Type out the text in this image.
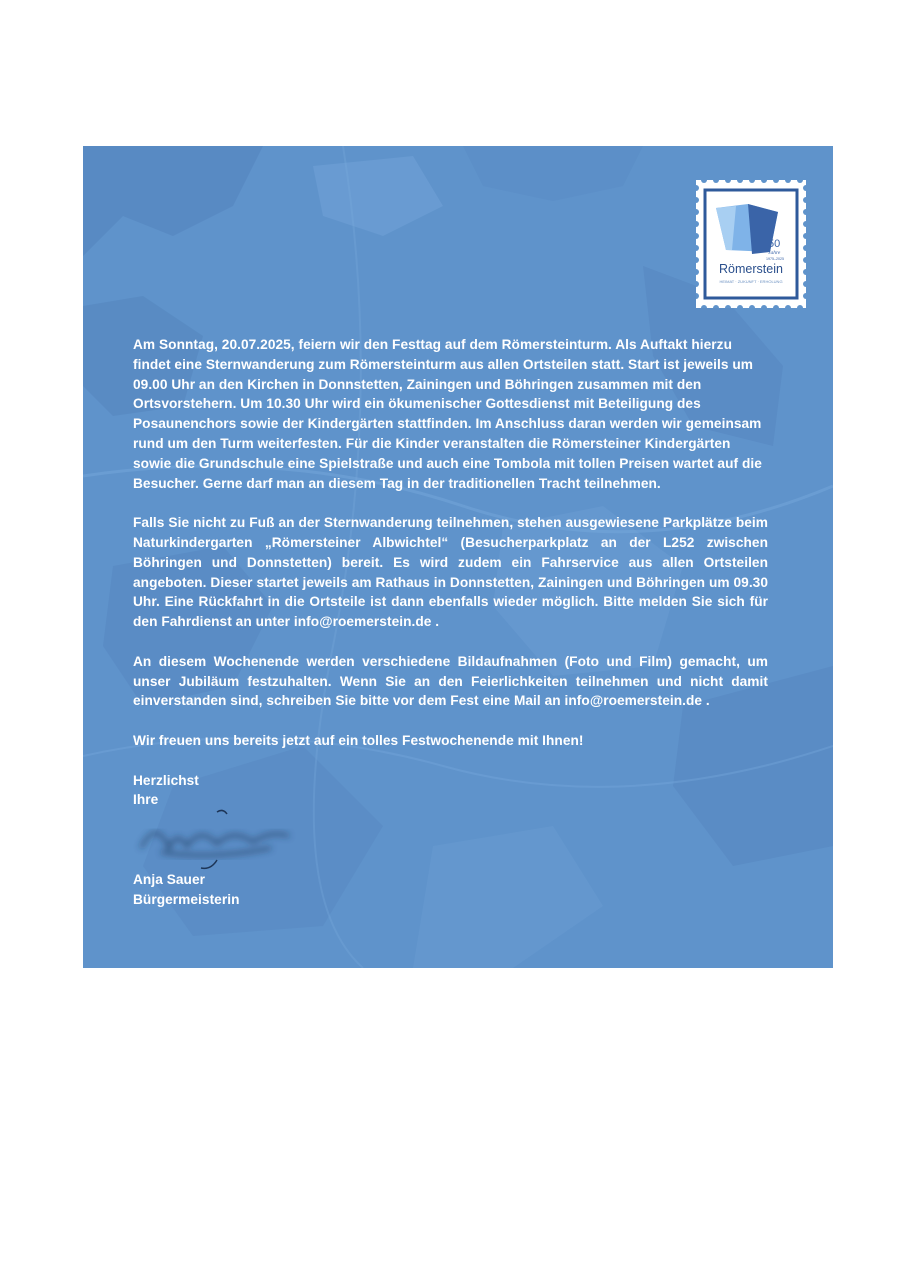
50
Jahre
1975–2025
Römerstein
HEIMAT · ZUKUNFT · ERHOLUNG

Am Sonntag, 20.07.2025, feiern wir den Festtag auf dem Römersteinturm. Als Auftakt hierzu findet eine Sternwanderung zum Römersteinturm aus allen Ortsteilen statt. Start ist jeweils um 09.00 Uhr an den Kirchen in Donnstetten, Zainingen und Böhringen zusammen mit den Ortsvorstehern. Um 10.30 Uhr wird ein ökumenischer Gottesdienst mit Beteiligung des Posaunenchors sowie der Kindergärten stattfinden. Im Anschluss daran werden wir gemeinsam rund um den Turm weiterfesten. Für die Kinder veranstalten die Römersteiner Kindergärten sowie die Grundschule eine Spielstraße und auch eine Tombola mit tollen Preisen wartet auf die Besucher. Gerne darf man an diesem Tag in der traditionellen Tracht teilnehmen.

Falls Sie nicht zu Fuß an der Sternwanderung teilnehmen, stehen ausgewiesene Parkplätze beim Naturkindergarten „Römersteiner Albwichtel“ (Besucherparkplatz an der L252 zwischen Böhringen und Donnstetten) bereit. Es wird zudem ein Fahrservice aus allen Ortsteilen angeboten. Dieser startet jeweils am Rathaus in Donnstetten, Zainingen und Böhringen um 09.30 Uhr. Eine Rückfahrt in die Ortsteile ist dann ebenfalls wieder möglich. Bitte melden Sie sich für den Fahrdienst an unter info@roemerstein.de .

An diesem Wochenende werden verschiedene Bildaufnahmen (Foto und Film) gemacht, um unser Jubiläum festzuhalten. Wenn Sie an den Feierlichkeiten teilnehmen und nicht damit einverstanden sind, schreiben Sie bitte vor dem Fest eine Mail an info@roemerstein.de .

Wir freuen uns bereits jetzt auf ein tolles Festwochenende mit Ihnen!

Herzlichst
Ihre
Anja Sauer
Bürgermeisterin
